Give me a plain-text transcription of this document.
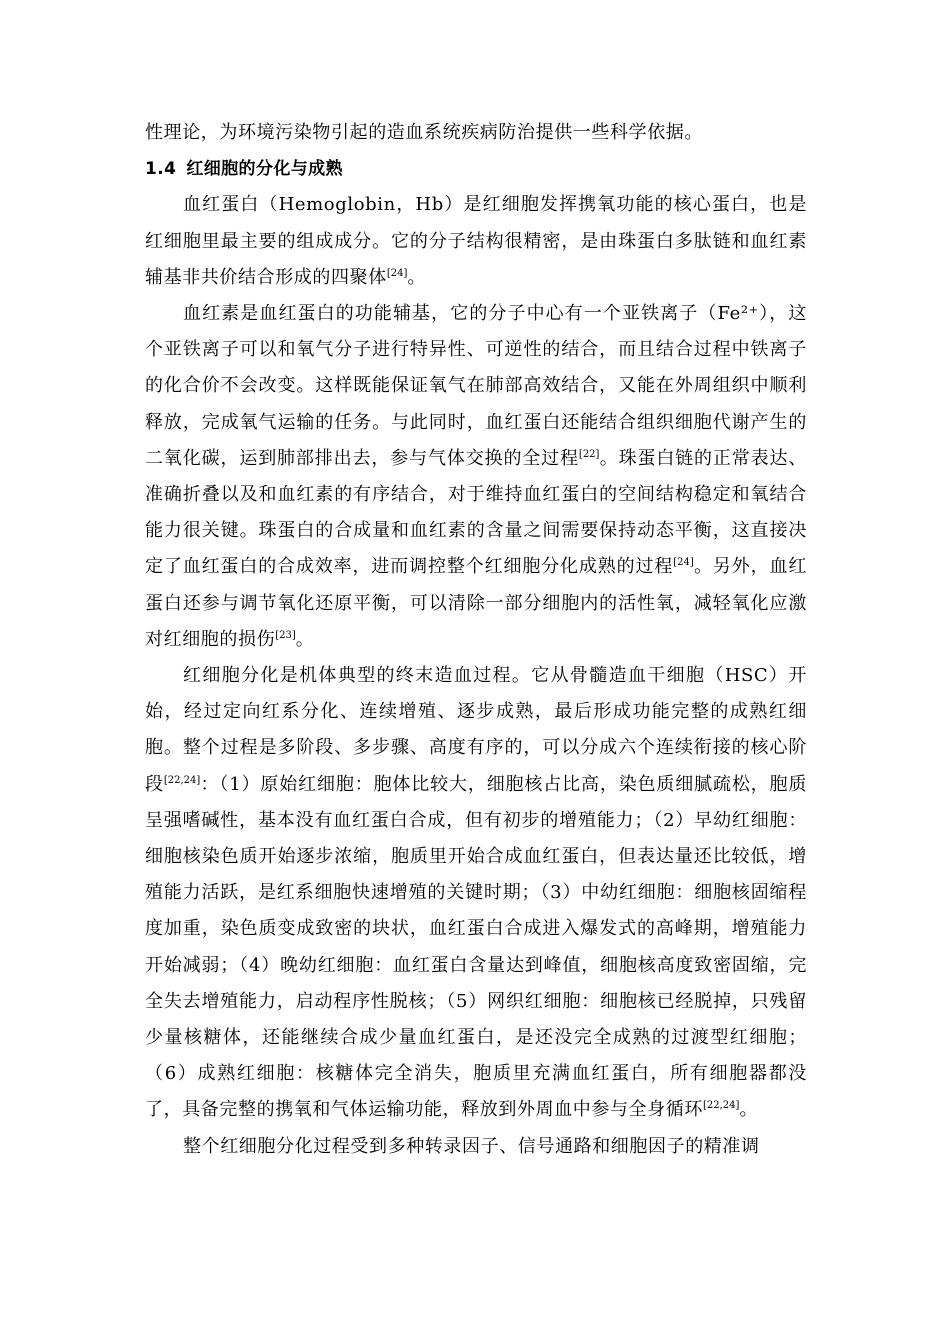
性理论，为环境污染物引起的造血系统疾病防治提供一些科学依据。

1.4 红细胞的分化与成熟

血红蛋白（Hemoglobin，Hb）是红细胞发挥携氧功能的核心蛋白，也是红细胞里最主要的组成成分。它的分子结构很精密，是由珠蛋白多肽链和血红素辅基非共价结合形成的四聚体[24]。

血红素是血红蛋白的功能辅基，它的分子中心有一个亚铁离子（Fe²⁺），这个亚铁离子可以和氧气分子进行特异性、可逆性的结合，而且结合过程中铁离子的化合价不会改变。这样既能保证氧气在肺部高效结合，又能在外周组织中顺利释放，完成氧气运输的任务。与此同时，血红蛋白还能结合组织细胞代谢产生的二氧化碳，运到肺部排出去，参与气体交换的全过程[22]。珠蛋白链的正常表达、准确折叠以及和血红素的有序结合，对于维持血红蛋白的空间结构稳定和氧结合能力很关键。珠蛋白的合成量和血红素的含量之间需要保持动态平衡，这直接决定了血红蛋白的合成效率，进而调控整个红细胞分化成熟的过程[24]。另外，血红蛋白还参与调节氧化还原平衡，可以清除一部分细胞内的活性氧，减轻氧化应激对红细胞的损伤[23]。

红细胞分化是机体典型的终末造血过程。它从骨髓造血干细胞（HSC）开始，经过定向红系分化、连续增殖、逐步成熟，最后形成功能完整的成熟红细胞。整个过程是多阶段、多步骤、高度有序的，可以分成六个连续衔接的核心阶段[22,24]：（1）原始红细胞：胞体比较大，细胞核占比高，染色质细腻疏松，胞质呈强嗜碱性，基本没有血红蛋白合成，但有初步的增殖能力；（2）早幼红细胞：细胞核染色质开始逐步浓缩，胞质里开始合成血红蛋白，但表达量还比较低，增殖能力活跃，是红系细胞快速增殖的关键时期；（3）中幼红细胞：细胞核固缩程度加重，染色质变成致密的块状，血红蛋白合成进入爆发式的高峰期，增殖能力开始减弱；（4）晚幼红细胞：血红蛋白含量达到峰值，细胞核高度致密固缩，完全失去增殖能力，启动程序性脱核；（5）网织红细胞：细胞核已经脱掉，只残留少量核糖体，还能继续合成少量血红蛋白，是还没完全成熟的过渡型红细胞；（6）成熟红细胞：核糖体完全消失，胞质里充满血红蛋白，所有细胞器都没了，具备完整的携氧和气体运输功能，释放到外周血中参与全身循环[22,24]。

整个红细胞分化过程受到多种转录因子、信号通路和细胞因子的精准调
